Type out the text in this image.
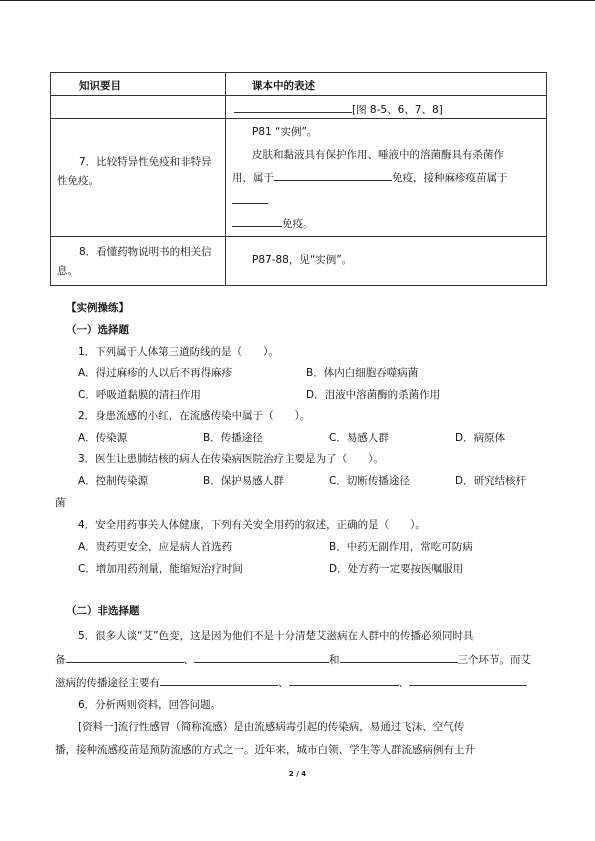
知识要目	课本中的表述

	[图 8-5、6、7、8]

7．比较特异性免疫和非特异性免疫。	P81 “实例”。
皮肤和黏液具有保护作用、唾液中的溶菌酶具有杀菌作
用，属于 免疫，接种麻疹疫苗属于
免疫。

8．看懂药物说明书的相关信息。	P87-88，见“实例”。
【实例操练】
（一）选择题
1．下列属于人体第三道防线的是（　　）。
A．得过麻疹的人以后不再得麻疹	B．体内白细胞吞噬病菌
C．呼吸道黏膜的清扫作用	D．泪液中溶菌酶的杀菌作用
2．身患流感的小红，在流感传染中属于（　　）。
A．传染源	B．传播途径	C．易感人群	D．病原体
3．医生让患肺结核的病人在传染病医院治疗主要是为了（　　）。
A．控制传染源	B．保护易感人群	C．切断传播途径	D．研究结核杆
菌
4．安全用药事关人体健康，下列有关安全用药的叙述，正确的是（　　）。
A．贵药更安全，应是病人首选药	B．中药无副作用，常吃可防病
C．增加用药剂量，能缩短治疗时间	D．处方药一定要按医嘱服用
（二）非选择题
5．很多人谈“艾”色变，这是因为他们不是十分清楚艾滋病在人群中的传播必须同时具
备	、	和	三个环节。而艾
滋病的传播途径主要有	、	、
6．分析两则资料，回答问题。
[资料一]流行性感冒（简称流感）是由流感病毒引起的传染病，易通过飞沫、空气传
播，接种流感疫苗是预防流感的方式之一。近年来，城市白领、学生等人群流感病例有上升
2 / 4
